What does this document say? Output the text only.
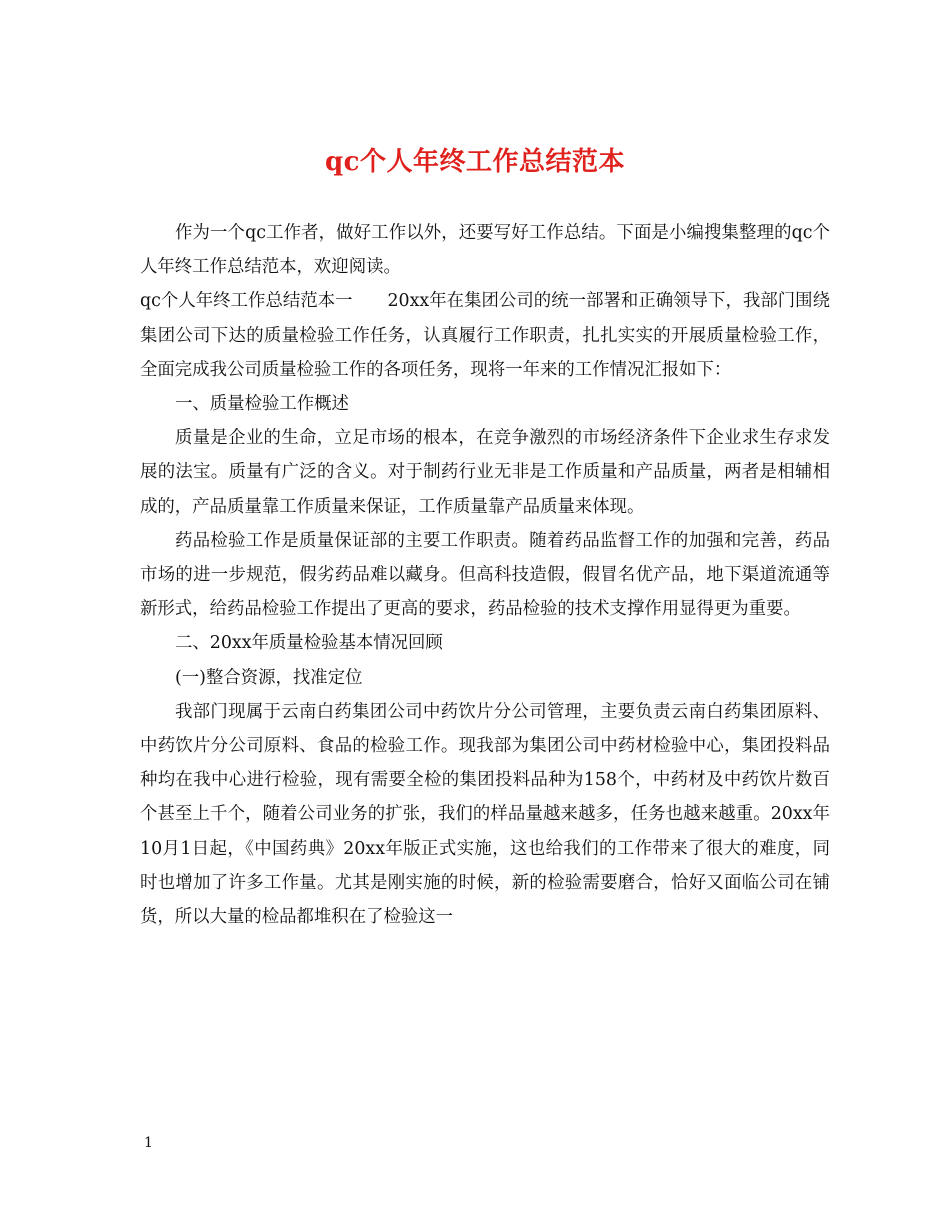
qc个人年终工作总结范本

作为一个qc工作者，做好工作以外，还要写好工作总结。下面是小编搜集整理的qc个人年终工作总结范本，欢迎阅读。

qc个人年终工作总结范本一　　20xx年在集团公司的统一部署和正确领导下，我部门围绕集团公司下达的质量检验工作任务，认真履行工作职责，扎扎实实的开展质量检验工作，全面完成我公司质量检验工作的各项任务，现将一年来的工作情况汇报如下：

一、质量检验工作概述

质量是企业的生命，立足市场的根本，在竞争激烈的市场经济条件下企业求生存求发展的法宝。质量有广泛的含义。对于制药行业无非是工作质量和产品质量，两者是相辅相成的，产品质量靠工作质量来保证，工作质量靠产品质量来体现。

药品检验工作是质量保证部的主要工作职责。随着药品监督工作的加强和完善，药品市场的进一步规范，假劣药品难以藏身。但高科技造假，假冒名优产品，地下渠道流通等新形式，给药品检验工作提出了更高的要求，药品检验的技术支撑作用显得更为重要。

二、20xx年质量检验基本情况回顾

(一)整合资源，找准定位

我部门现属于云南白药集团公司中药饮片分公司管理，主要负责云南白药集团原料、中药饮片分公司原料、食品的检验工作。现我部为集团公司中药材检验中心，集团投料品种均在我中心进行检验，现有需要全检的集团投料品种为158个，中药材及中药饮片数百个甚至上千个，随着公司业务的扩张，我们的样品量越来越多，任务也越来越重。20xx年10月1日起，《中国药典》20xx年版正式实施，这也给我们的工作带来了很大的难度，同时也增加了许多工作量。尤其是刚实施的时候，新的检验需要磨合，恰好又面临公司在铺货，所以大量的检品都堆积在了检验这一

1
